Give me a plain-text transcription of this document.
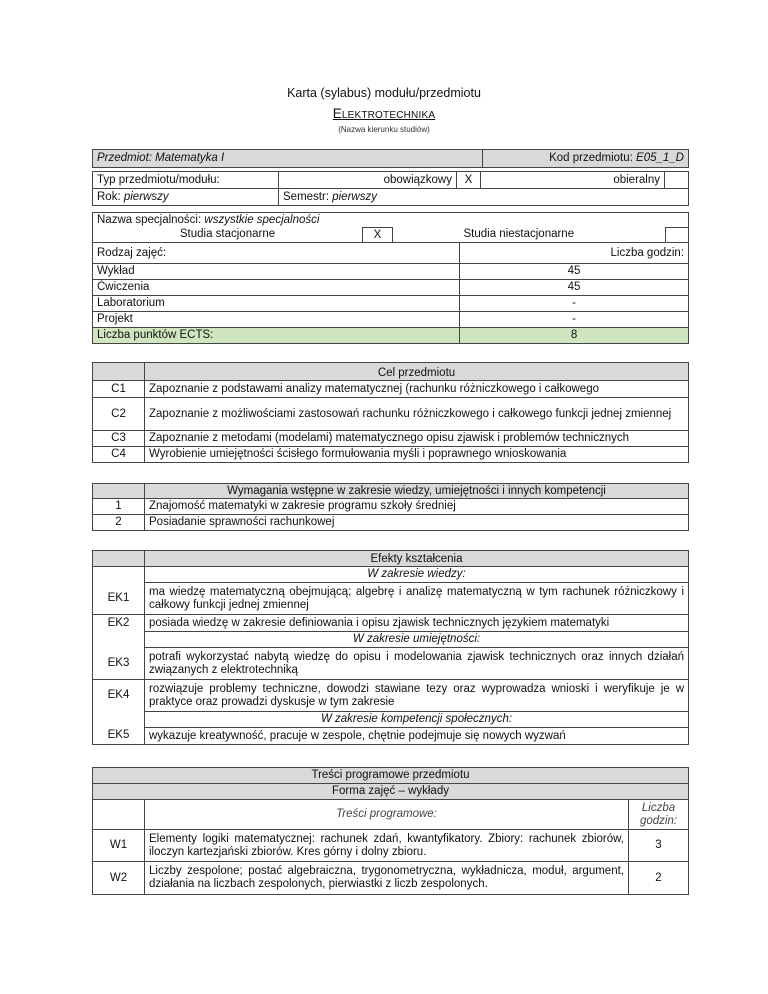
Karta (sylabus) modułu/przedmiotu
ELEKTROTECHNIKA
(Nazwa kierunku studiów)
Przedmiot: Matematyka I	Kod przedmiotu: E05_1_D
Typ przedmiotu/modułu:	obowiązkowy	X	obieralny	
Rok: pierwszy	Semestr: pierwszy			
Nazwa specjalności: wszystkie specjalności				
Studia stacjonarne	X		Studia niestacjonarne	
Rodzaj zajęć:			Liczba godzin:	
Wykład			45	
Ćwiczenia			45	
Laboratorium			-	
Projekt			-	
Liczba punktów ECTS:			8	
	Cel przedmiotu
C1	Zapoznanie z podstawami analizy matematycznej (rachunku różniczkowego i całkowego
C2	Zapoznanie z możliwościami zastosowań rachunku różniczkowego i całkowego funkcji jednej zmiennej
C3	Zapoznanie z metodami (modelami) matematycznego opisu zjawisk i problemów technicznych
C4	Wyrobienie umiejętności ścisłego formułowania myśli i poprawnego wnioskowania
	Wymagania wstępne w zakresie wiedzy, umiejętności i innych kompetencji
1	Znajomość matematyki w zakresie programu szkoły średniej
2	Posiadanie sprawności rachunkowej
	Efekty kształcenia
	W zakresie wiedzy:
EK1	ma wiedzę matematyczną obejmującą; algebrę i analizę matematyczną w tym rachunek różniczkowy i całkowy funkcji jednej zmiennej
EK2	posiada wiedzę w zakresie definiowania i opisu zjawisk technicznych językiem matematyki
	W zakresie umiejętności:
EK3	potrafi wykorzystać nabytą wiedzę do opisu i modelowania zjawisk technicznych oraz innych działań związanych z elektrotechniką
EK4	rozwiązuje problemy techniczne, dowodzi stawiane tezy oraz wyprowadza wnioski i weryfikuje je w praktyce oraz prowadzi dyskusje w tym zakresie
	W zakresie kompetencji społecznych:
EK5	wykazuje kreatywność, pracuje w zespole, chętnie podejmuje się nowych wyzwań
Treści programowe przedmiotu		
Forma zajęć – wykłady		
	Treści programowe:	Liczba
godzin:
W1	Elementy logiki matematycznej: rachunek zdań, kwantyfikatory. Zbiory: rachunek zbiorów, iloczyn kartezjański zbiorów. Kres górny i dolny zbioru.	3
W2	Liczby zespolone; postać algebraiczna, trygonometryczna, wykładnicza, moduł, argument, działania na liczbach zespolonych, pierwiastki z liczb zespolonych.	2
